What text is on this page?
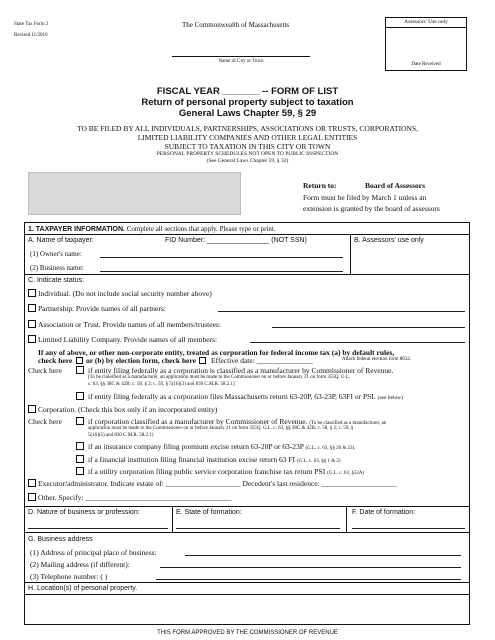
State Tax Form 2
Revised 11/2010
The Commonwealth of Massachusetts
Name of City or Town
Assessors' Use only
Date Received
FISCAL YEAR _______ -- FORM OF LIST
Return of personal property subject to taxation
General Laws Chapter 59, § 29
TO BE FILED BY ALL INDIVIDUALS, PARTNERSHIPS, ASSOCIATIONS OR TRUSTS, CORPORATIONS,
LIMITED LIABILITY COMPANIES AND OTHER LEGAL ENTITIES
SUBJECT TO TAXATION IN THIS CITY OR TOWN
PERSONAL PROPERTY SCHEDULES NOT OPEN TO PUBLIC INSPECTION
(See General Laws Chapter 59, § 32)
Return to:	Board of Assessors
Form must be filed by March 1 unless an
extension is granted by the board of assessors
1. TAXPAYER INFORMATION. Complete all sections that apply. Please type or print.
A. Name of taxpayer:	FID Number: ________________ (NOT SSN)	B. Assessors' use only
(1) Owner's name:
(2) Business name:
C. Indicate status:
Individual. (Do not include social security number above)
Partnership. Provide names of all partners:
Association or Trust. Provide names of all members/trustees:
Limited Liability Company. Provide names of all members:
If any of above, or other non-corporate entity, treated as corporation for federal income tax (a) by default rules,
check here or (b) by election form, check here Effective date: _______________	Attach federal election form 8832.
Check here	if entity filing federally as a corporation is classified as a manufacturer by Commissioner of Revenue.
[To be classified as a manufacturer, an application must be made to the Commissioner on or before January 31 on form 355Q. G.L.
c. 63, §§ 38C & 42B; c. 58, § 2; c. 59, § 5(16)(3) and 830 C.M.R. 58.2.1]
if entity filing federally as a corporation files Massachusetts return 63-20P, 63-23P, 63FI or PSI. (see below)
Corporation. (Check this box only if an incorporated entity)
Check here	if corporation classified as a manufacturer by Commissioner of Revenue. (To be classified as a manufacturer, an
application must be made to the Commissioner on or before January 31 on form 355Q. G.L. c. 63, §§ 38C & 42B; c. 58, § 2; c. 59, §
5(16)(5) and 830 C.M.R. 58.2.1)
if an insurance company filing premium excise return 63-20P or 63-23P (G.L. c. 63, §§ 20 & 23).
if a financial institution filing financial institution excise return 63 FI (G.L. c. 63, §§ 1 & 2)
if a utility corporation filing public service corporation franchise tax return PSI (G.L. c. 63, §52A)
Executor/administrator. Indicate estate of: ____________________ Decedent's last residence: ____________________
Other. Specify: _______________________________________
D. Nature of business or profession:	E. State of formation:	F. Date of formation:
G. Business address
(1) Address of principal place of business:
(2) Mailing address (if different):
(3) Telephone number: ( )
H. Location(s) of personal property.
THIS FORM APPROVED BY THE COMMISSIONER OF REVENUE
